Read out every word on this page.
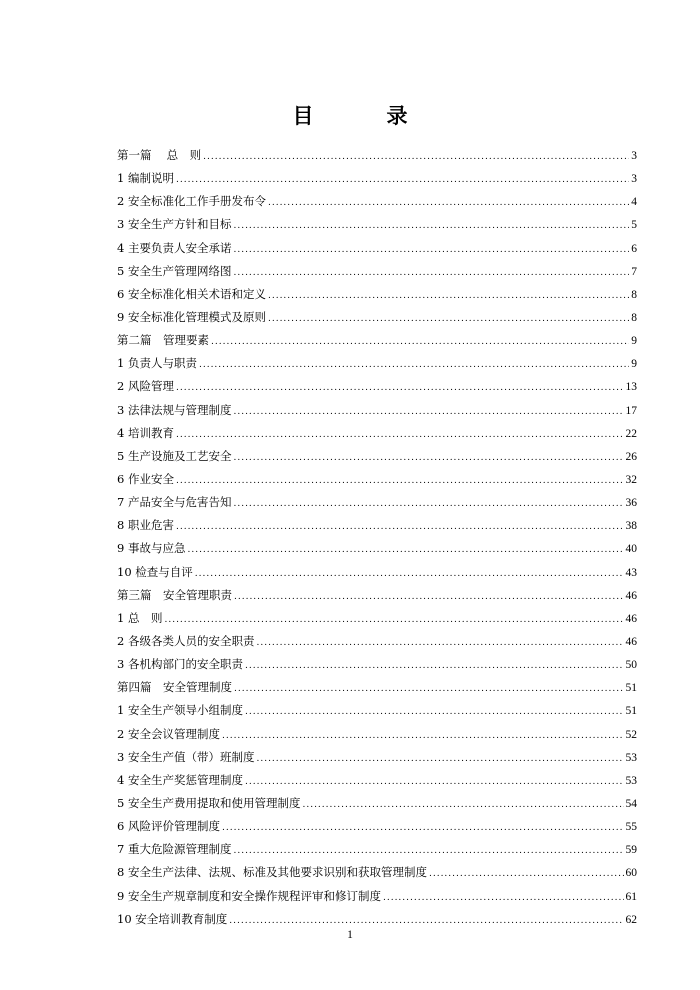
目　录
第一篇　 总　则 .....	3
1 编制说明 .....	3
2 安全标准化工作手册发布令 .....	4
3 安全生产方针和目标 .....	5
4 主要负责人安全承诺 .....	6
5 安全生产管理网络图 .....	7
6 安全标准化相关术语和定义 .....	8
9 安全标准化管理模式及原则 .....	8
第二篇　管理要素 .....	9
1 负责人与职责 .....	9
2 风险管理 .....	13
3 法律法规与管理制度 .....	17
4 培训教育 .....	22
5 生产设施及工艺安全 .....	26
6 作业安全 .....	32
7 产品安全与危害告知 .....	36
8 职业危害 .....	38
9 事故与应急 .....	40
10 检查与自评 .....	43
第三篇　安全管理职责 .....	46
1 总　则 .....	46
2 各级各类人员的安全职责 .....	46
3 各机构部门的安全职责 .....	50
第四篇　安全管理制度 .....	51
1 安全生产领导小组制度 .....	51
2 安全会议管理制度 .....	52
3 安全生产值（带）班制度 .....	53
4 安全生产奖惩管理制度 .....	53
5 安全生产费用提取和使用管理制度 .....	54
6 风险评价管理制度 .....	55
7 重大危险源管理制度 .....	59
8 安全生产法律、法规、标准及其他要求识别和获取管理制度 .....	60
9 安全生产规章制度和安全操作规程评审和修订制度 .....	61
10 安全培训教育制度 .....	62
1
